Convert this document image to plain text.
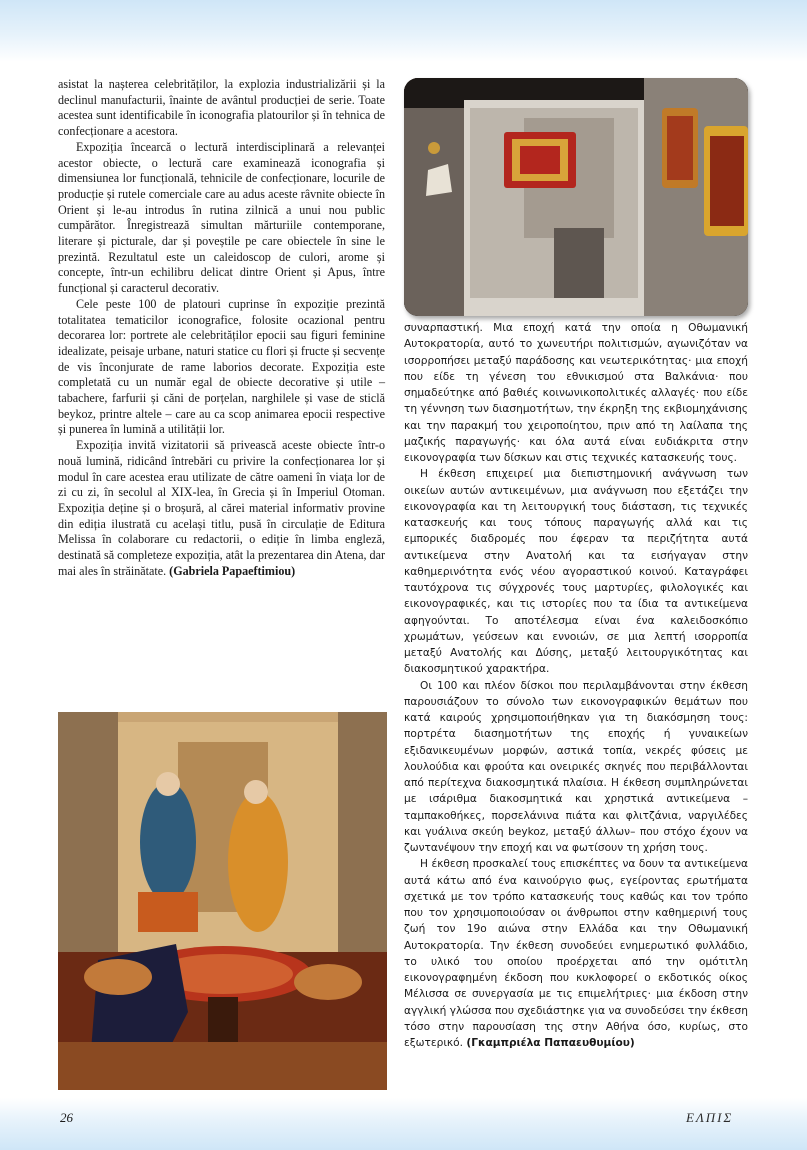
asistat la nașterea celebrităților, la explozia industrializării și la declinul manufacturii, înainte de avântul producției de serie. Toate acestea sunt identificabile în iconografia platourilor și în tehnica de confecționare a acestora.

Expoziția încearcă o lectură interdisciplinară a relevanței acestor obiecte, o lectură care examinează iconografia și dimensiunea lor funcțională, tehnicile de confecționare, locurile de producție și rutele comerciale care au adus aceste râvnite obiecte în Orient și le-au introdus în rutina zilnică a unui nou public cumpărător. Înregistrează simultan mărturiile contemporane, literare și picturale, dar și poveștile pe care obiectele în sine le prezintă. Rezultatul este un caleidoscop de culori, arome și concepte, într-un echilibru delicat dintre Orient și Apus, între funcțional și caracterul decorativ.

Cele peste 100 de platouri cuprinse în expoziție prezintă totalitatea tematicilor iconografice, folosite ocazional pentru decorarea lor: portrete ale celebrităților epocii sau figuri feminine idealizate, peisaje urbane, naturi statice cu flori și fructe și secvențe de vis înconjurate de rame laborios decorate. Expoziția este completată cu un număr egal de obiecte decorative și utile – tabachere, farfurii și căni de porțelan, narghilele și vase de sticlă beykoz, printre altele – care au ca scop animarea epocii respective și punerea în lumină a utilității lor.

Expoziția invită vizitatorii să privească aceste obiecte într-o nouă lumină, ridicând întrebări cu privire la confecționarea lor și modul în care acestea erau utilizate de către oameni în viața lor de zi cu zi, în secolul al XIX-lea, în Grecia și în Imperiul Otoman. Expoziția deține și o broșură, al cărei material informativ provine din ediția ilustrată cu același titlu, pusă în circulație de Editura Melissa în colaborare cu redactorii, o ediție în limba engleză, destinată să completeze expoziția, atât la prezentarea din Atena, dar mai ales în străinătate. (Gabriela Papaeftimiou)

συναρπαστική. Μια εποχή κατά την οποία η Οθωμανική Αυτοκρατορία, αυτό το χωνευτήρι πολιτισμών, αγωνιζόταν να ισορροπήσει μεταξύ παράδοσης και νεωτερικότητας· μια εποχή που είδε τη γένεση του εθνικισμού στα Βαλκάνια· που σημαδεύτηκε από βαθιές κοινωνικοπολιτικές αλλαγές· που είδε τη γέννηση των διασημοτήτων, την έκρηξη της εκβιομηχάνισης και την παρακμή του χειροποίητου, πριν από τη λαίλαπα της μαζικής παραγωγής· και όλα αυτά είναι ευδιάκριτα στην εικονογραφία των δίσκων και στις τεχνικές κατασκευής τους.

Η έκθεση επιχειρεί μια διεπιστημονική ανάγνωση των οικείων αυτών αντικειμένων, μια ανάγνωση που εξετάζει την εικονογραφία και τη λειτουργική τους διάσταση, τις τεχνικές κατασκευής και τους τόπους παραγωγής αλλά και τις εμπορικές διαδρομές που έφεραν τα περιζήτητα αυτά αντικείμενα στην Ανατολή και τα εισήγαγαν στην καθημερινότητα ενός νέου αγοραστικού κοινού. Καταγράφει ταυτόχρονα τις σύγχρονές τους μαρτυρίες, φιλολογικές και εικονογραφικές, και τις ιστορίες που τα ίδια τα αντικείμενα αφηγούνται. Το αποτέλεσμα είναι ένα καλειδοσκόπιο χρωμάτων, γεύσεων και εννοιών, σε μια λεπτή ισορροπία μεταξύ Ανατολής και Δύσης, μεταξύ λειτουργικότητας και διακοσμητικού χαρακτήρα.

Οι 100 και πλέον δίσκοι που περιλαμβάνονται στην έκθεση παρουσιάζουν το σύνολο των εικονογραφικών θεμάτων που κατά καιρούς χρησιμοποιήθηκαν για τη διακόσμηση τους: πορτρέτα διασημοτήτων της εποχής ή γυναικείων εξιδανικευμένων μορφών, αστικά τοπία, νεκρές φύσεις με λουλούδια και φρούτα και ονειρικές σκηνές που περιβάλλονται από περίτεχνα διακοσμητικά πλαίσια. Η έκθεση συμπληρώνεται με ισάριθμα διακοσμητικά και χρηστικά αντικείμενα – ταμπακοθήκες, πορσελάνινα πιάτα και φλιτζάνια, ναργιλέδες και γυάλινα σκεύη beykoz, μεταξύ άλλων– που στόχο έχουν να ζωντανέψουν την εποχή και να φωτίσουν τη χρήση τους.

Η έκθεση προσκαλεί τους επισκέπτες να δουν τα αντικείμενα αυτά κάτω από ένα καινούργιο φως, εγείροντας ερωτήματα σχετικά με τον τρόπο κατασκευής τους καθώς και τον τρόπο που τον χρησιμοποιούσαν οι άνθρωποι στην καθημερινή τους ζωή τον 19ο αιώνα στην Ελλάδα και την Οθωμανική Αυτοκρατορία. Την έκθεση συνοδεύει ενημερωτικό φυλλάδιο, το υλικό του οποίου προέρχεται από την ομότιτλη εικονογραφημένη έκδοση που κυκλοφορεί ο εκδοτικός οίκος Μέλισσα σε συνεργασία με τις επιμελήτριες· μια έκδοση στην αγγλική γλώσσα που σχεδιάστηκε για να συνοδεύσει την έκθεση τόσο στην παρουσίαση της στην Αθήνα όσο, κυρίως, στο εξωτερικό. (Γκαμπριέλα Παπαευθυμίου)

26	ΕΛΠΙΣ
